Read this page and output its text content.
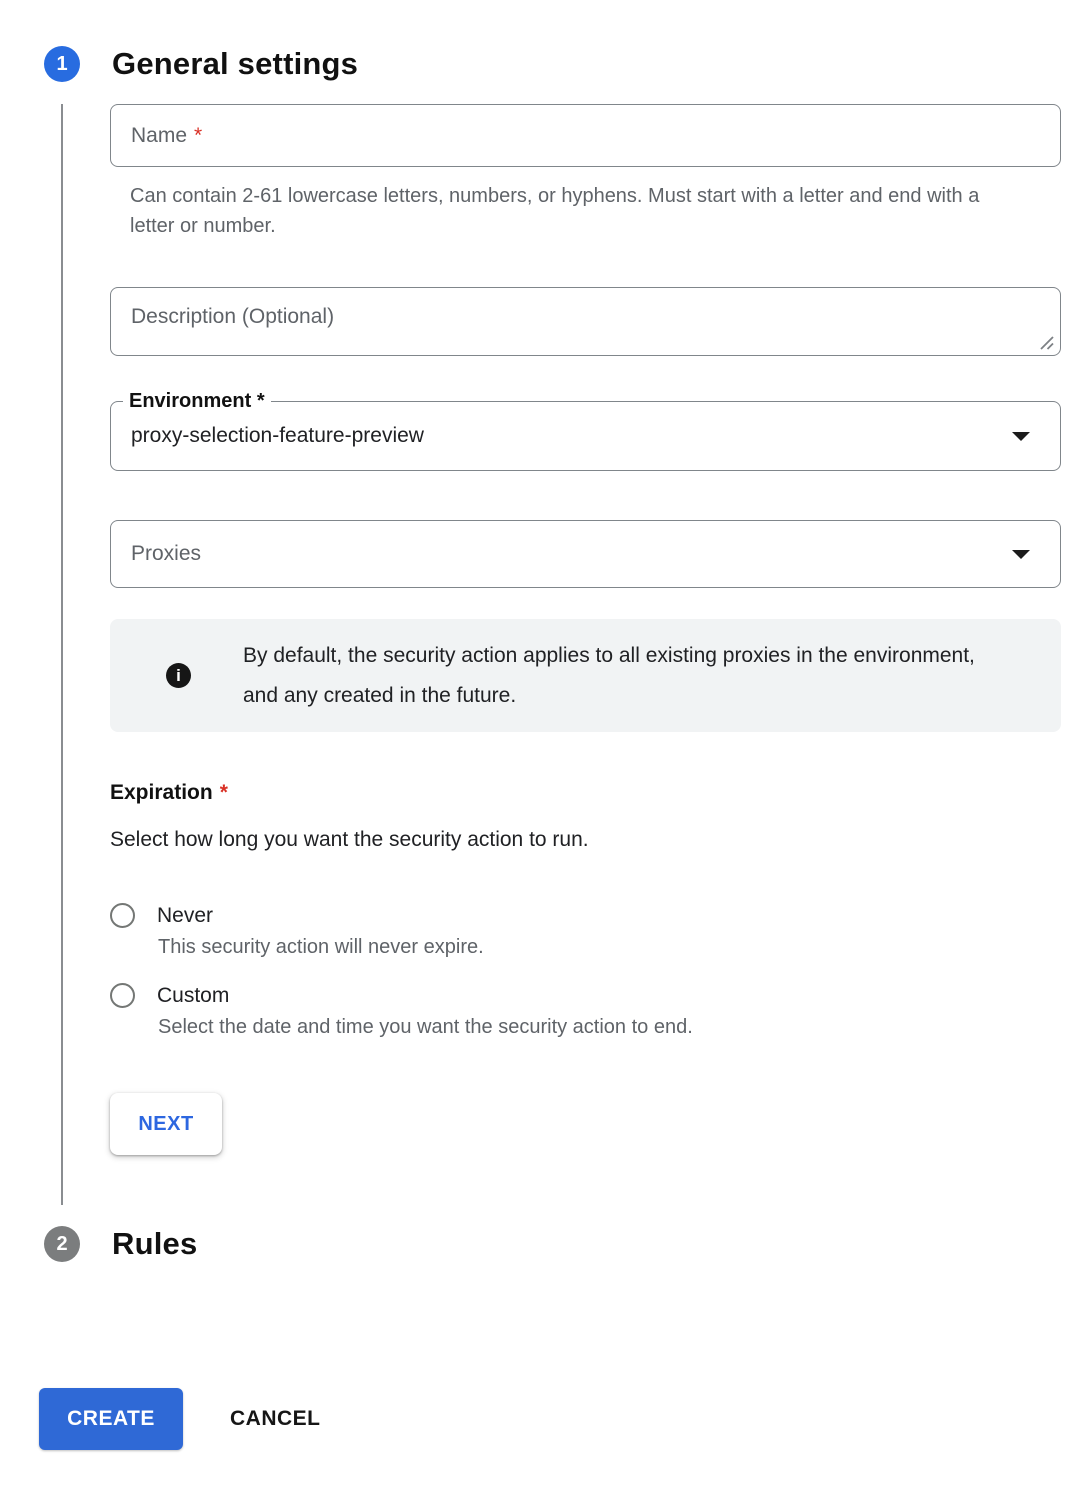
1	General settings
Name *
Can contain 2-61 lowercase letters, numbers, or hyphens. Must start with a letter and end with a letter or number.
Description (Optional)
Environment *
proxy-selection-feature-preview
Proxies
i
By default, the security action applies to all existing proxies in the environment, and any created in the future.
Expiration *
Select how long you want the security action to run.
Never
This security action will never expire.
Custom
Select the date and time you want the security action to end.
NEXT
2	Rules
CREATE	CANCEL
